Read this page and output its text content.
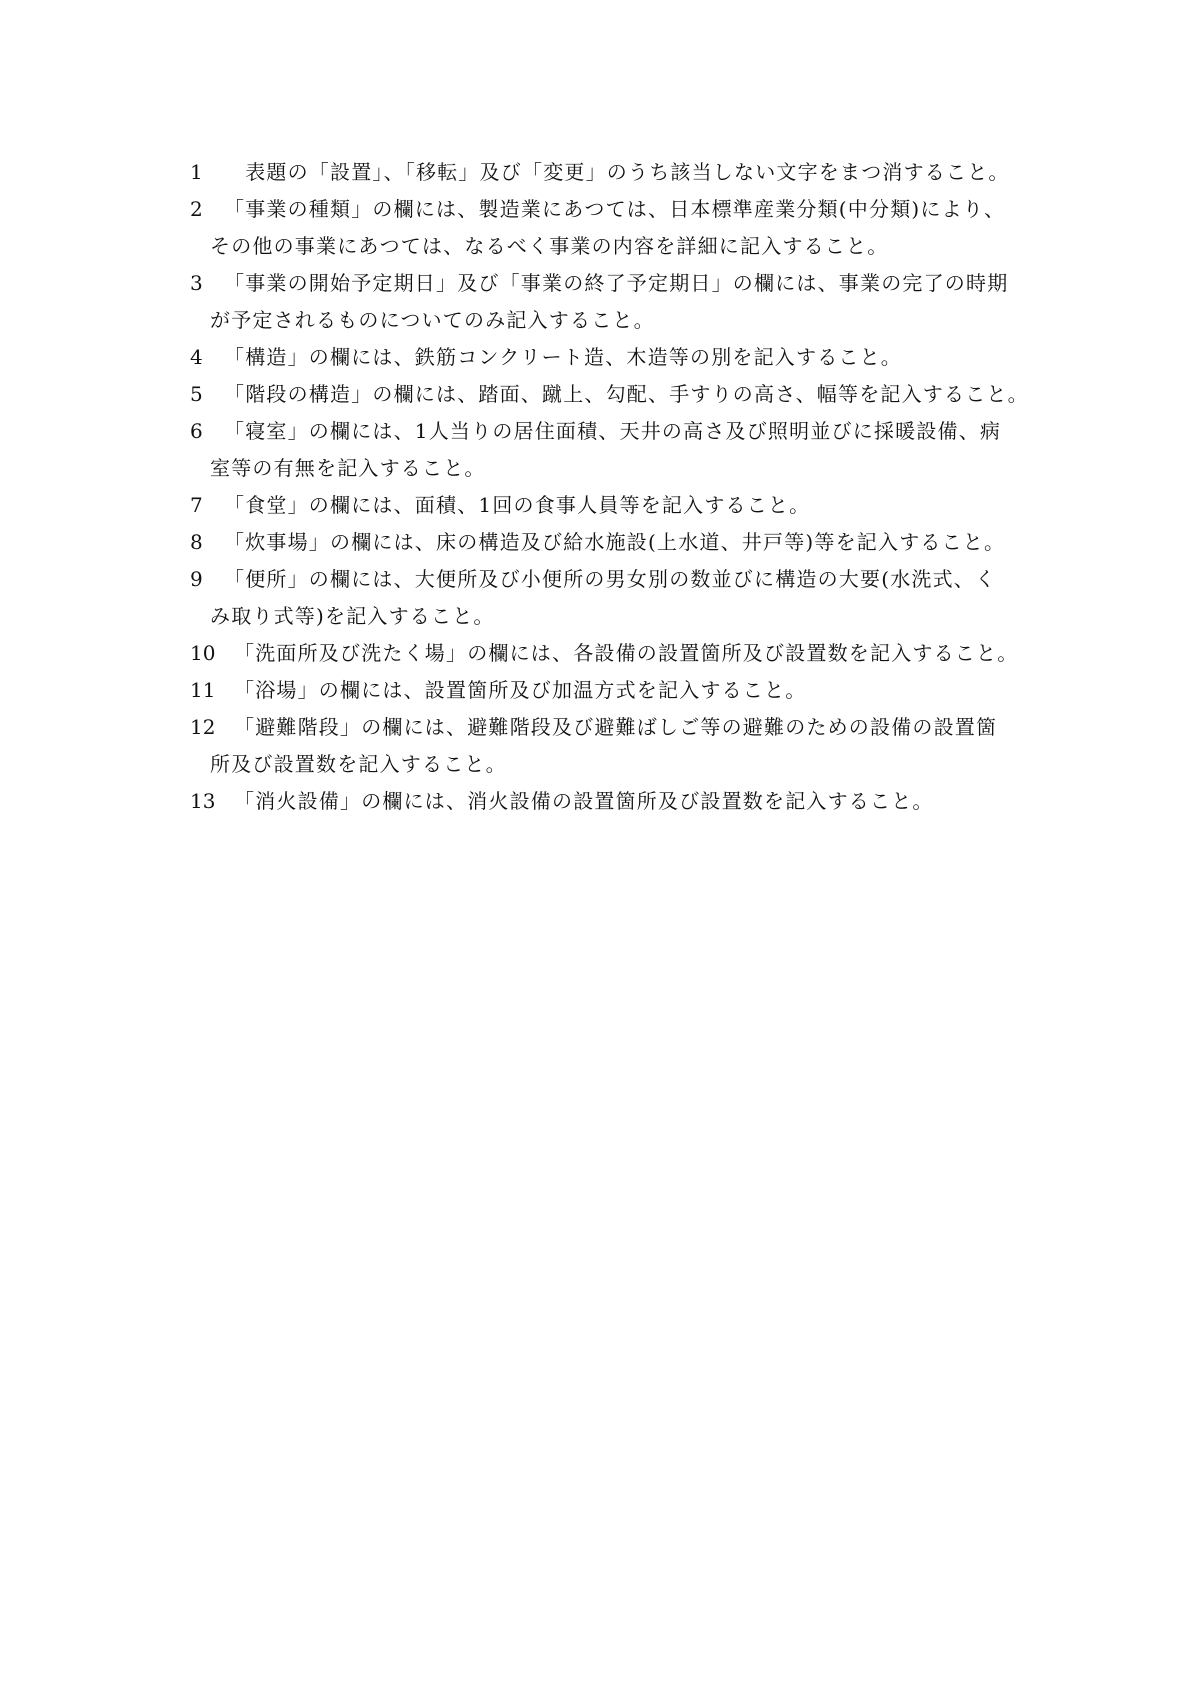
1	　表題の「設置」、「移転」及び「変更」のうち該当しない文字をまつ消すること。
2	「事業の種類」の欄には、製造業にあつては、日本標準産業分類(中分類)により、
その他の事業にあつては、なるべく事業の内容を詳細に記入すること。
3	「事業の開始予定期日」及び「事業の終了予定期日」の欄には、事業の完了の時期
が予定されるものについてのみ記入すること。
4	「構造」の欄には、鉄筋コンクリート造、木造等の別を記入すること。
5	「階段の構造」の欄には、踏面、蹴上、勾配、手すりの高さ、幅等を記入すること。
6	「寝室」の欄には、1人当りの居住面積、天井の高さ及び照明並びに採暖設備、病
室等の有無を記入すること。
7	「食堂」の欄には、面積、1回の食事人員等を記入すること。
8	「炊事場」の欄には、床の構造及び給水施設(上水道、井戸等)等を記入すること。
9	「便所」の欄には、大便所及び小便所の男女別の数並びに構造の大要(水洗式、く
み取り式等)を記入すること。
10 「洗面所及び洗たく場」の欄には、各設備の設置箇所及び設置数を記入すること。
11 「浴場」の欄には、設置箇所及び加温方式を記入すること。
12 「避難階段」の欄には、避難階段及び避難ばしご等の避難のための設備の設置箇
所及び設置数を記入すること。
13 「消火設備」の欄には、消火設備の設置箇所及び設置数を記入すること。
